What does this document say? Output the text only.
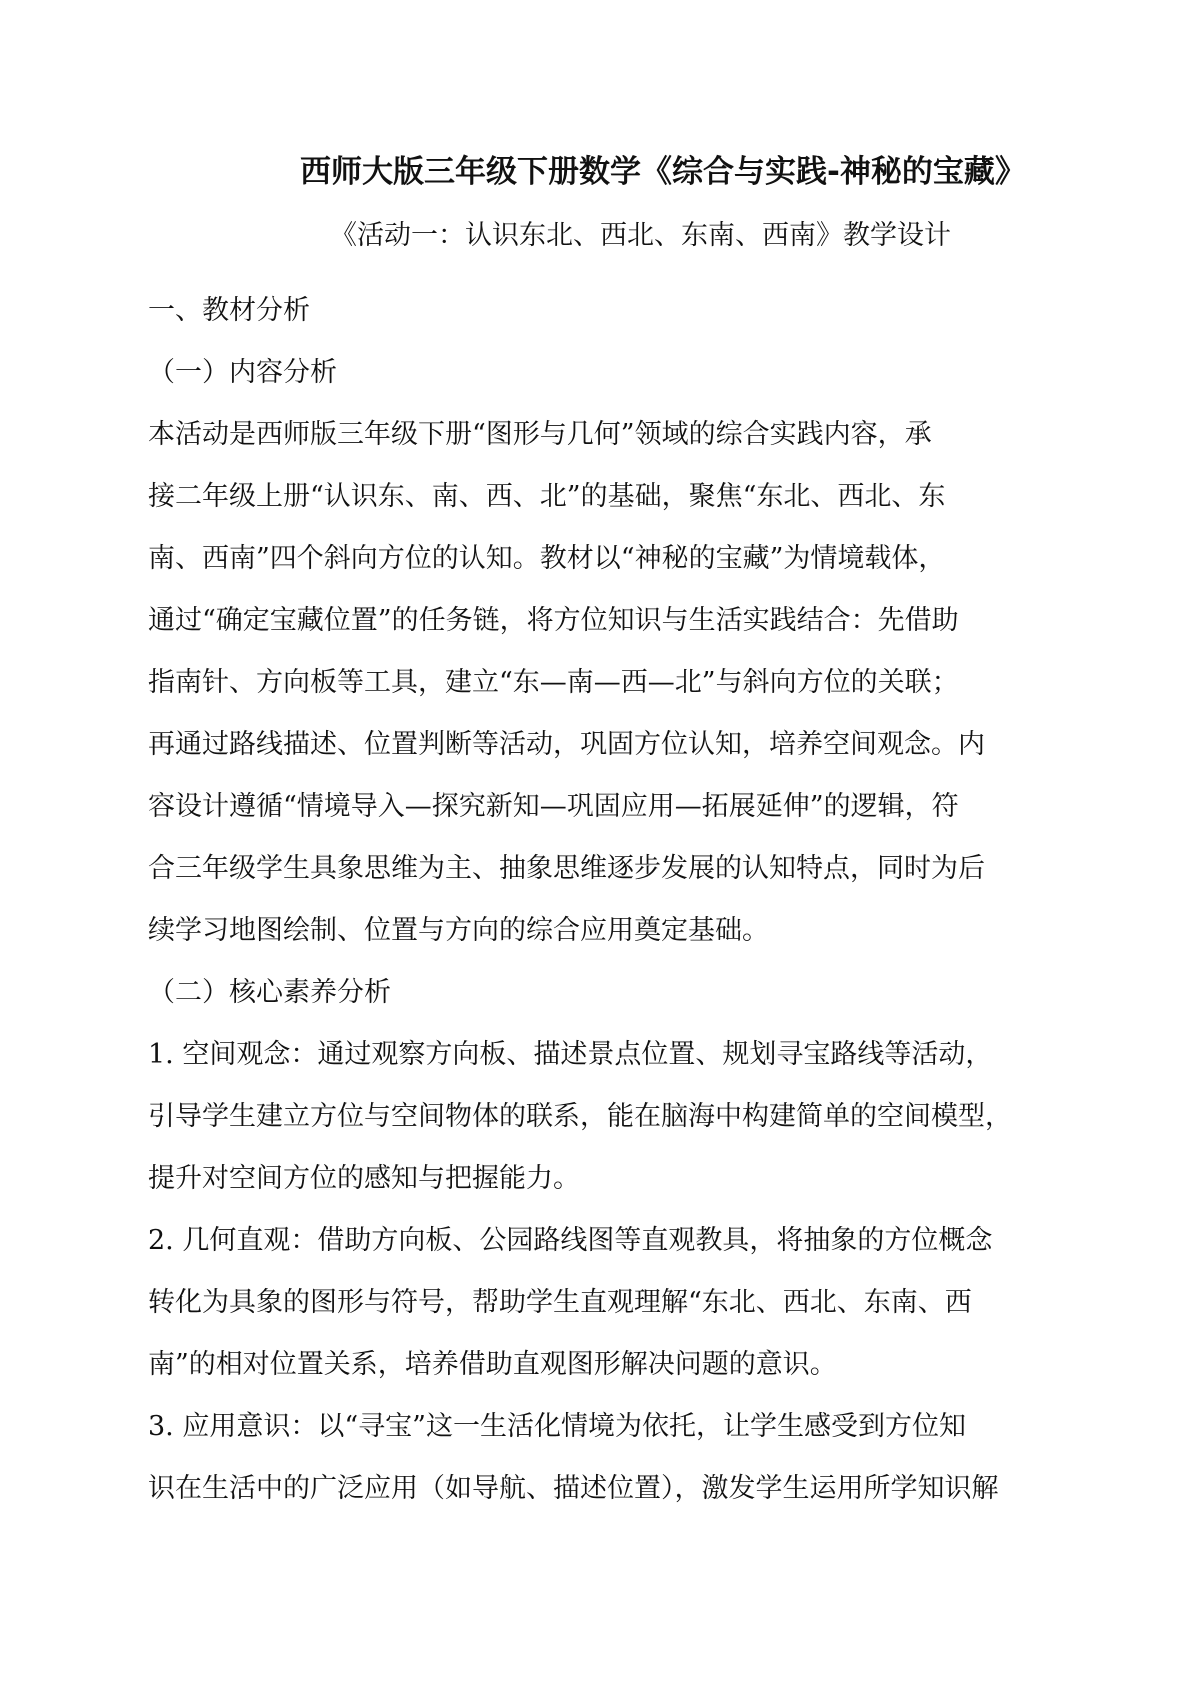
西师大版三年级下册数学《综合与实践-神秘的宝藏》

《活动一：认识东北、西北、东南、西南》教学设计

一、教材分析

（一）内容分析

本活动是西师版三年级下册“图形与几何”领域的综合实践内容，承

接二年级上册“认识东、南、西、北”的基础，聚焦“东北、西北、东

南、西南”四个斜向方位的认知。教材以“神秘的宝藏”为情境载体，

通过“确定宝藏位置”的任务链，将方位知识与生活实践结合：先借助

指南针、方向板等工具，建立“东—南—西—北”与斜向方位的关联；

再通过路线描述、位置判断等活动，巩固方位认知，培养空间观念。内

容设计遵循“情境导入—探究新知—巩固应用—拓展延伸”的逻辑，符

合三年级学生具象思维为主、抽象思维逐步发展的认知特点，同时为后

续学习地图绘制、位置与方向的综合应用奠定基础。

（二）核心素养分析

1. 空间观念：通过观察方向板、描述景点位置、规划寻宝路线等活动，

引导学生建立方位与空间物体的联系，能在脑海中构建简单的空间模型，

提升对空间方位的感知与把握能力。

2. 几何直观：借助方向板、公园路线图等直观教具，将抽象的方位概念

转化为具象的图形与符号，帮助学生直观理解“东北、西北、东南、西

南”的相对位置关系，培养借助直观图形解决问题的意识。

3. 应用意识：以“寻宝”这一生活化情境为依托，让学生感受到方位知

识在生活中的广泛应用（如导航、描述位置），激发学生运用所学知识解
